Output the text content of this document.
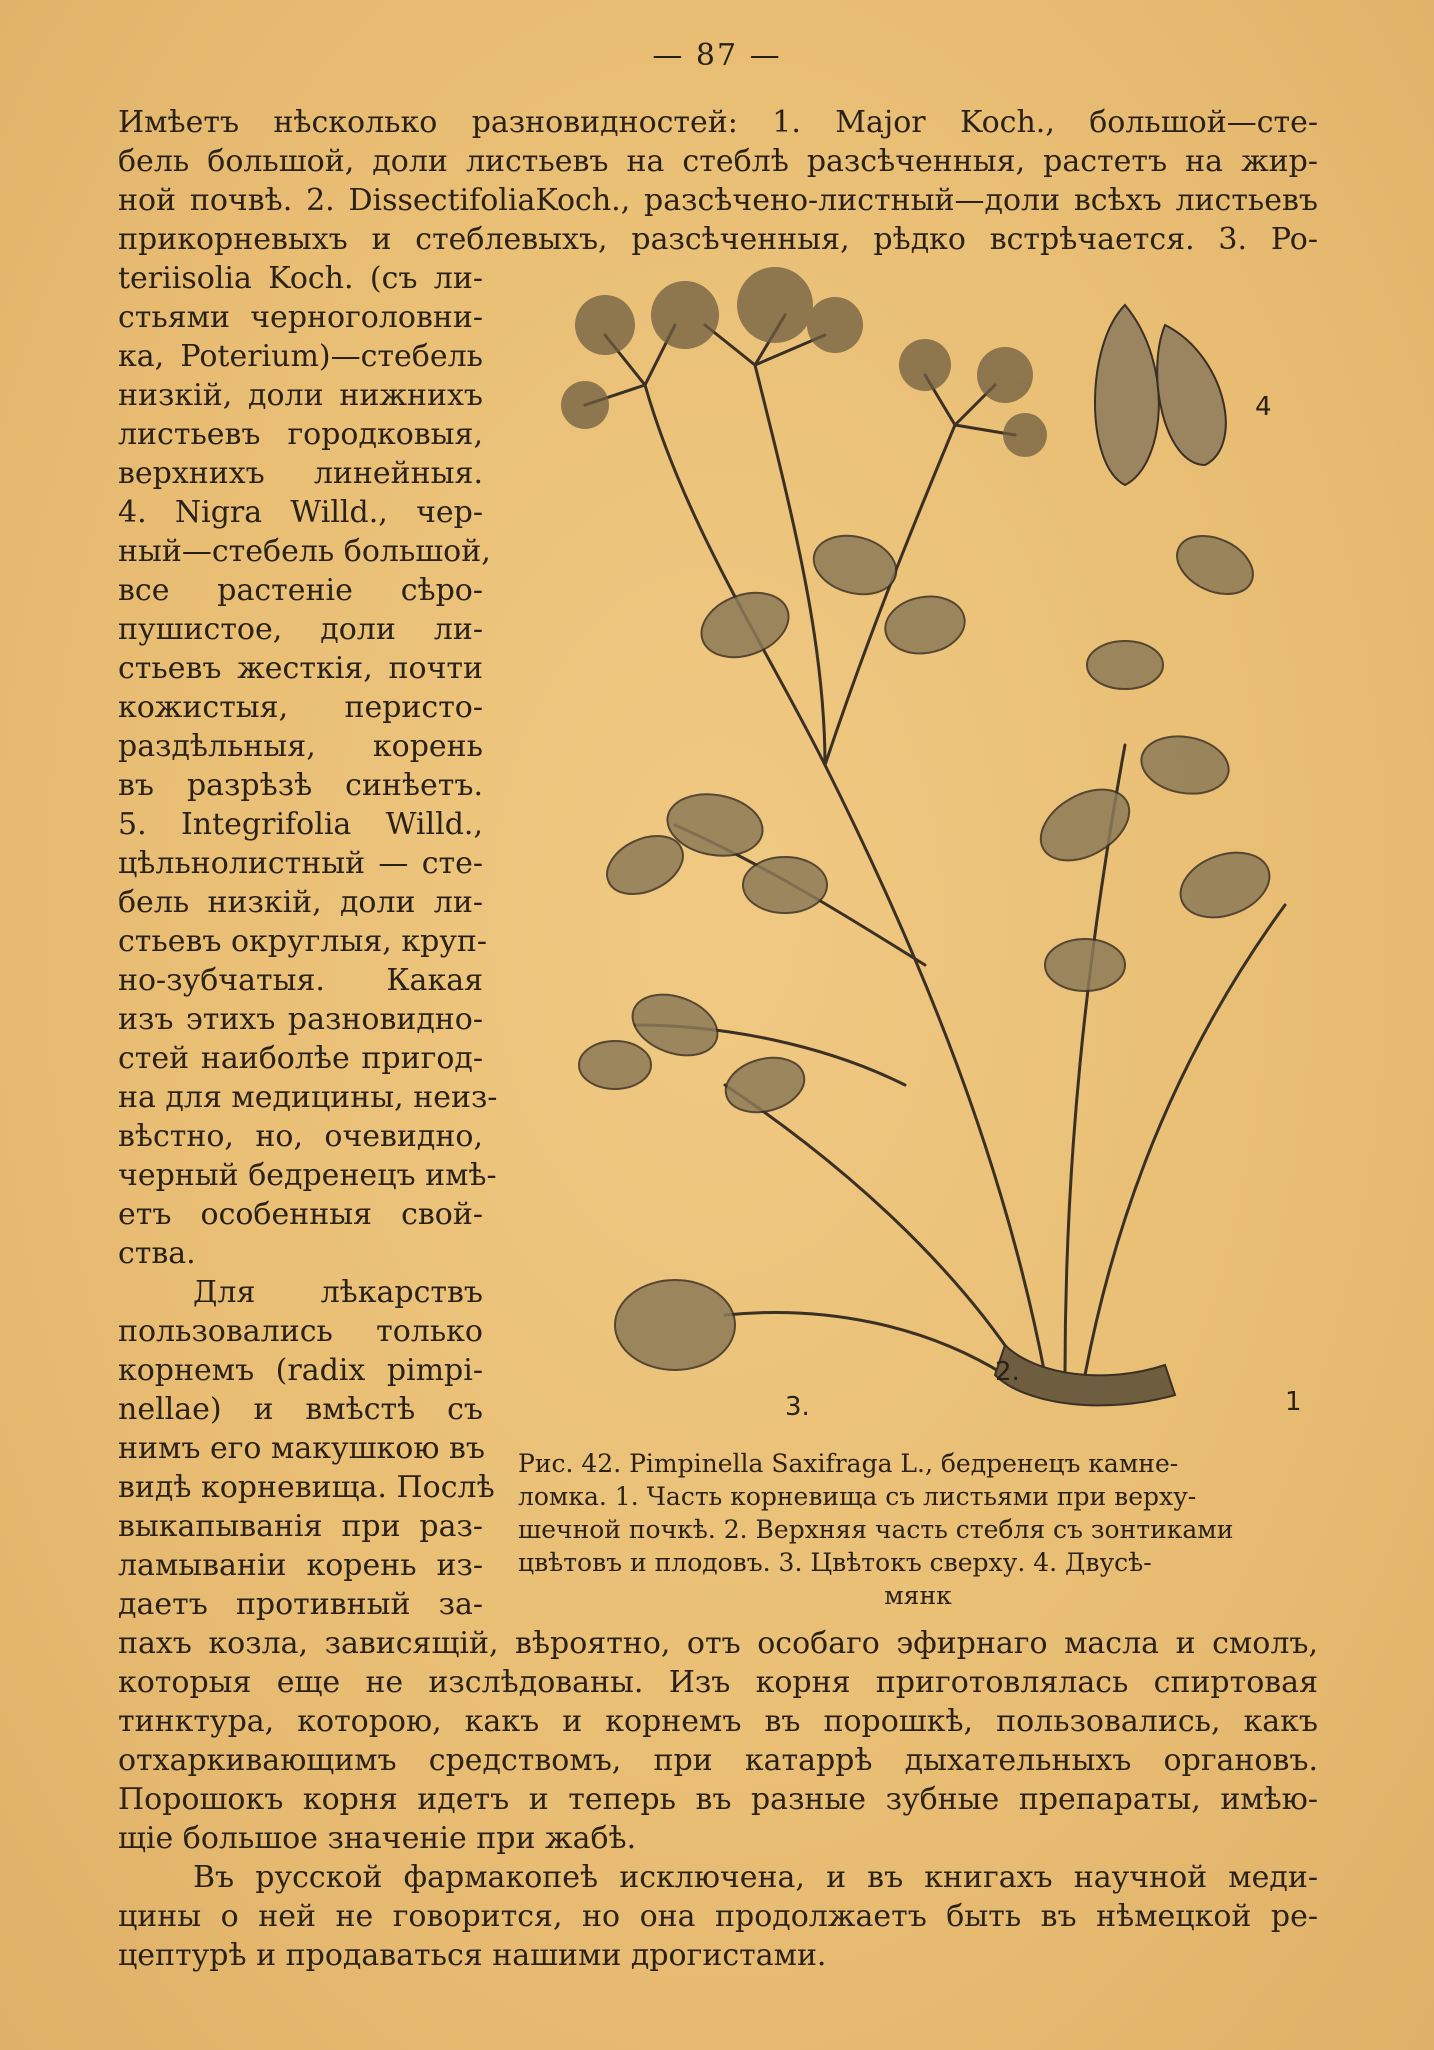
— 87 —
Имѣетъ нѣсколько разновидностей: 1. Major Koch., большой—сте-
бель большой, доли листьевъ на стеблѣ разсѣченныя, растетъ на жир-
ной почвѣ. 2. DissectifoliaKoch., разсѣчено-листный—доли всѣхъ листьевъ
прикорневыхъ и стеблевыхъ, разсѣченныя, рѣдко встрѣчается. 3. Po-
teriisolia Koch. (съ ли-
стьями черноголовни-
ка, Poterium)—стебель
низкій, доли нижнихъ
листьевъ городковыя,
верхнихъ линейныя.
4. Nigra Willd., чер-
ный—стебель большой,
все растеніе сѣро-
пушистое, доли ли-
стьевъ жесткія, почти
кожистыя, перисто-
раздѣльныя, корень
въ разрѣзѣ синѣетъ.
5. Integrifolia Willd.,
цѣльнолистный — сте-
бель низкій, доли ли-
стьевъ округлыя, круп-
но-зубчатыя. Какая
изъ этихъ разновидно-
стей наиболѣе пригод-
на для медицины, неиз-
вѣстно, но, очевидно,
черный бедренецъ имѣ-
етъ особенныя свой-
ства.
Для лѣкарствъ
пользовались только
корнемъ (radix pimpi-
nellae) и вмѣстѣ съ
нимъ его макушкою въ
видѣ корневища. Послѣ
выкапыванія при раз-
ламываніи корень из-
даетъ противный за-
4
2.
3.	1
Рис. 42. Pimpinella Saxifraga L., бедренецъ камне-
ломка. 1. Часть корневища съ листьями при верху-
шечной почкѣ. 2. Верхняя часть стебля съ зонтиками
цвѣтовъ и плодовъ. 3. Цвѣтокъ сверху. 4. Двусѣ-
мянк
пахъ козла, зависящій, вѣроятно, отъ особаго эфирнаго масла и смолъ,
которыя еще не изслѣдованы. Изъ корня приготовлялась спиртовая
тинктура, которою, какъ и корнемъ въ порошкѣ, пользовались, какъ
отхаркивающимъ средствомъ, при катаррѣ дыхательныхъ органовъ.
Порошокъ корня идетъ и теперь въ разные зубные препараты, имѣю-
щіе большое значеніе при жабѣ.
Въ русской фармакопеѣ исключена, и въ книгахъ научной меди-
цины о ней не говорится, но она продолжаетъ быть въ нѣмецкой ре-
цептурѣ и продаваться нашими дрогистами.
